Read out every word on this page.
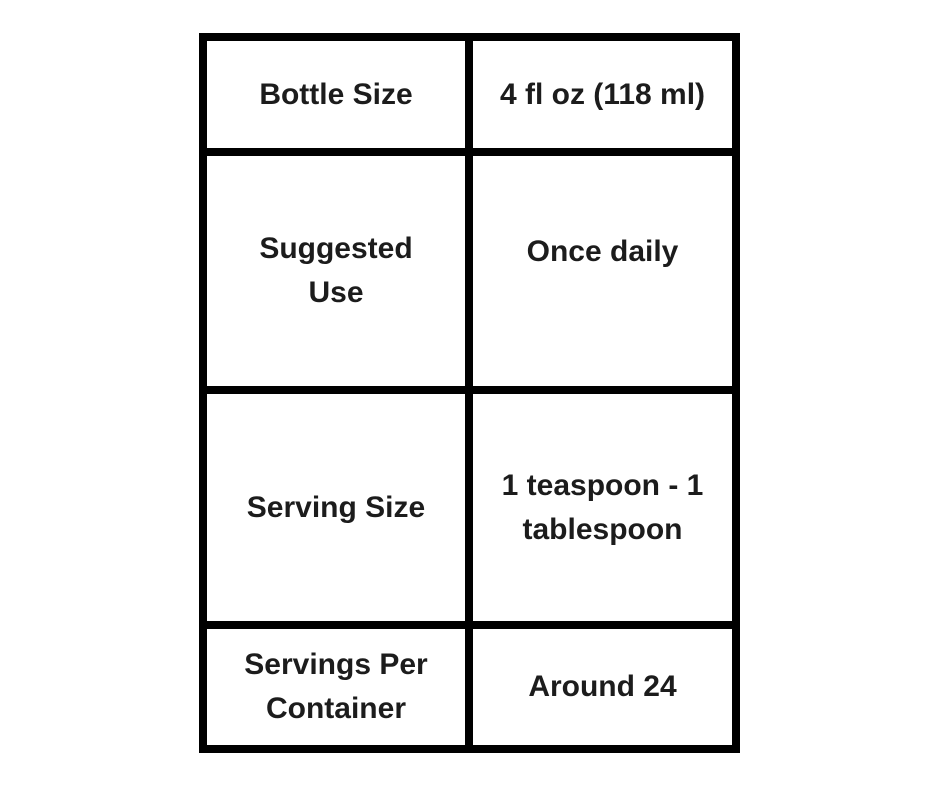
Bottle Size	4 fl oz (118 ml)
Suggested Use
Once daily
Serving Size
1 teaspoon - 1 tablespoon
Servings Per Container
Around 24
